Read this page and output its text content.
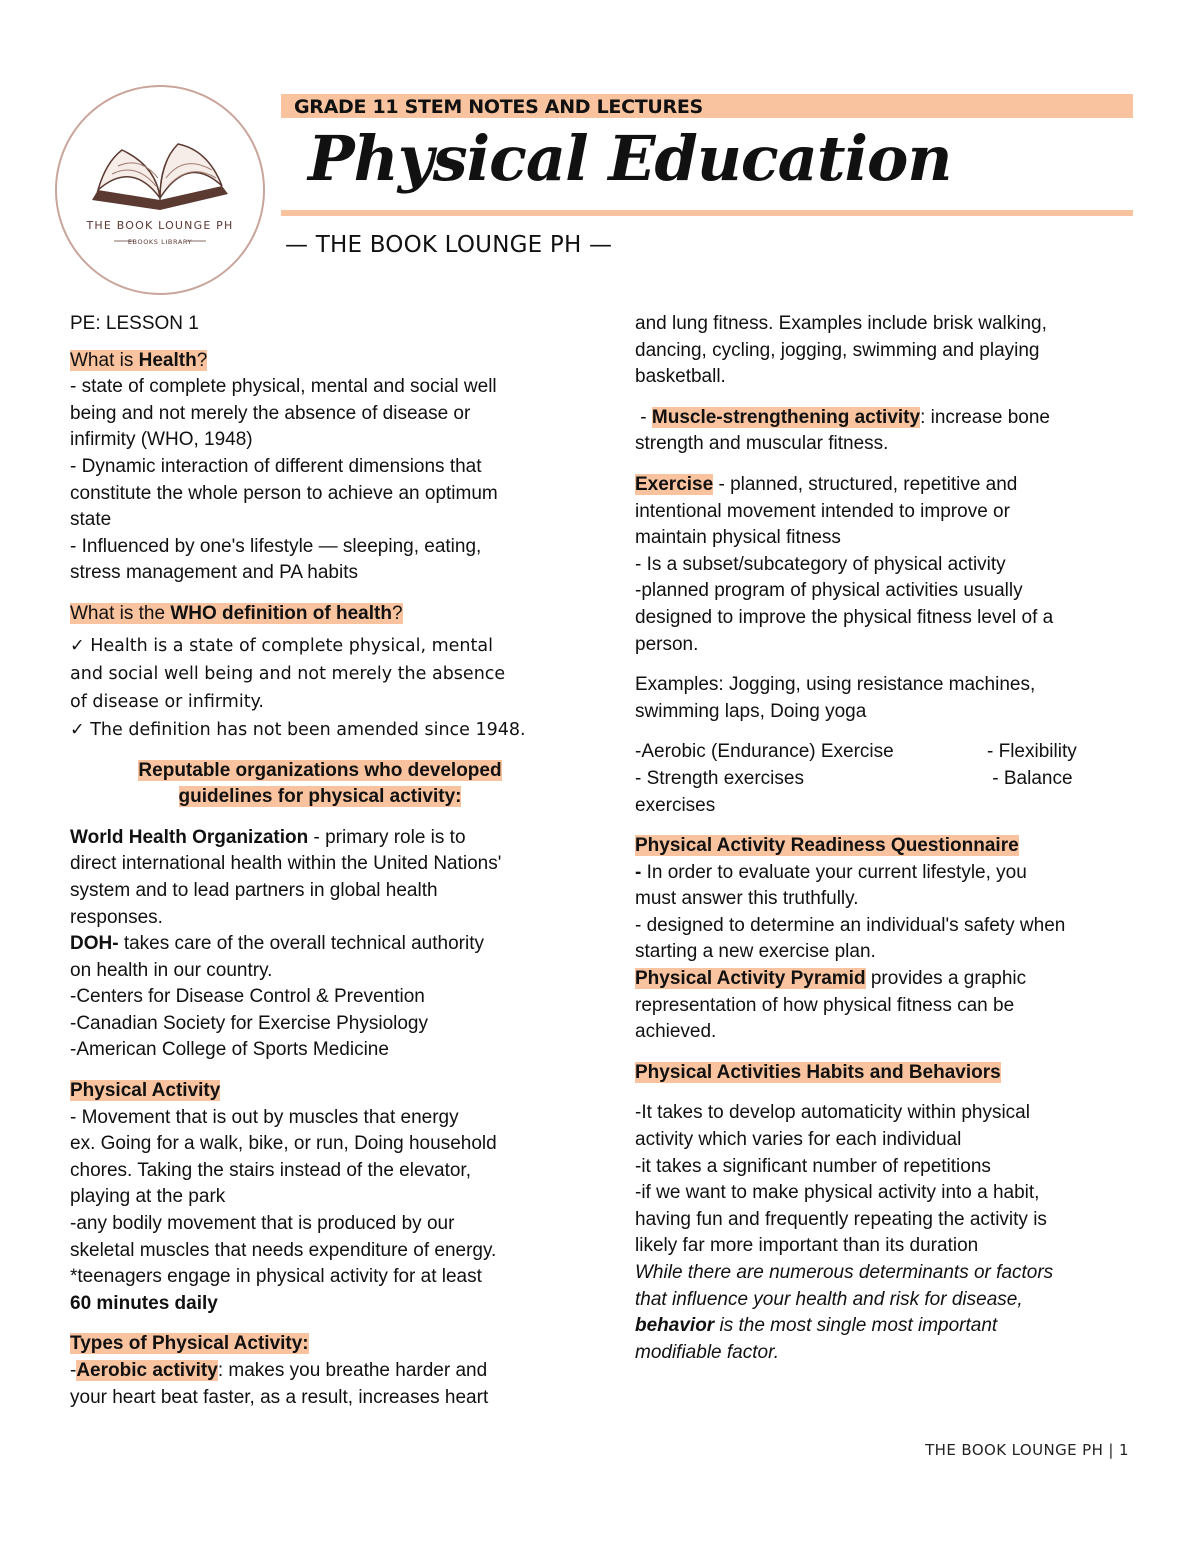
THE BOOK LOUNGE PH
EBOOKS LIBRARY
GRADE 11 STEM NOTES AND LECTURES
Physical Education
— THE BOOK LOUNGE PH —
PE: LESSON 1
What is Health?
- state of complete physical, mental and social well
being and not merely the absence of disease or
infirmity (WHO, 1948)
- Dynamic interaction of different dimensions that
constitute the whole person to achieve an optimum
state
- Influenced by one's lifestyle — sleeping, eating,
stress management and PA habits
What is the WHO definition of health?
✓ Health is a state of complete physical, mental
and social well being and not merely the absence
of disease or infirmity.
✓ The definition has not been amended since 1948.
Reputable organizations who developed
guidelines for physical activity:
World Health Organization - primary role is to
direct international health within the United Nations'
system and to lead partners in global health
responses.
DOH- takes care of the overall technical authority
on health in our country.
-Centers for Disease Control & Prevention
-Canadian Society for Exercise Physiology
-American College of Sports Medicine
Physical Activity
- Movement that is out by muscles that energy
ex. Going for a walk, bike, or run, Doing household
chores. Taking the stairs instead of the elevator,
playing at the park
-any bodily movement that is produced by our
skeletal muscles that needs expenditure of energy.
*teenagers engage in physical activity for at least
60 minutes daily
Types of Physical Activity:
-Aerobic activity: makes you breathe harder and
your heart beat faster, as a result, increases heart
and lung fitness. Examples include brisk walking,
dancing, cycling, jogging, swimming and playing
basketball.
- Muscle-strengthening activity: increase bone
strength and muscular fitness.
Exercise - planned, structured, repetitive and
intentional movement intended to improve or
maintain physical fitness
- Is a subset/subcategory of physical activity
-planned program of physical activities usually
designed to improve the physical fitness level of a
person.
Examples: Jogging, using resistance machines,
swimming laps, Doing yoga
-Aerobic (Endurance) Exercise	- Flexibility
- Strength exercises	- Balance
exercises
Physical Activity Readiness Questionnaire
- In order to evaluate your current lifestyle, you
must answer this truthfully.
- designed to determine an individual's safety when
starting a new exercise plan.
Physical Activity Pyramid provides a graphic
representation of how physical fitness can be
achieved.
Physical Activities Habits and Behaviors
-It takes to develop automaticity within physical
activity which varies for each individual
-it takes a significant number of repetitions
-if we want to make physical activity into a habit,
having fun and frequently repeating the activity is
likely far more important than its duration
While there are numerous determinants or factors
that influence your health and risk for disease,
behavior is the most single most important
modifiable factor.
THE BOOK LOUNGE PH | 1
